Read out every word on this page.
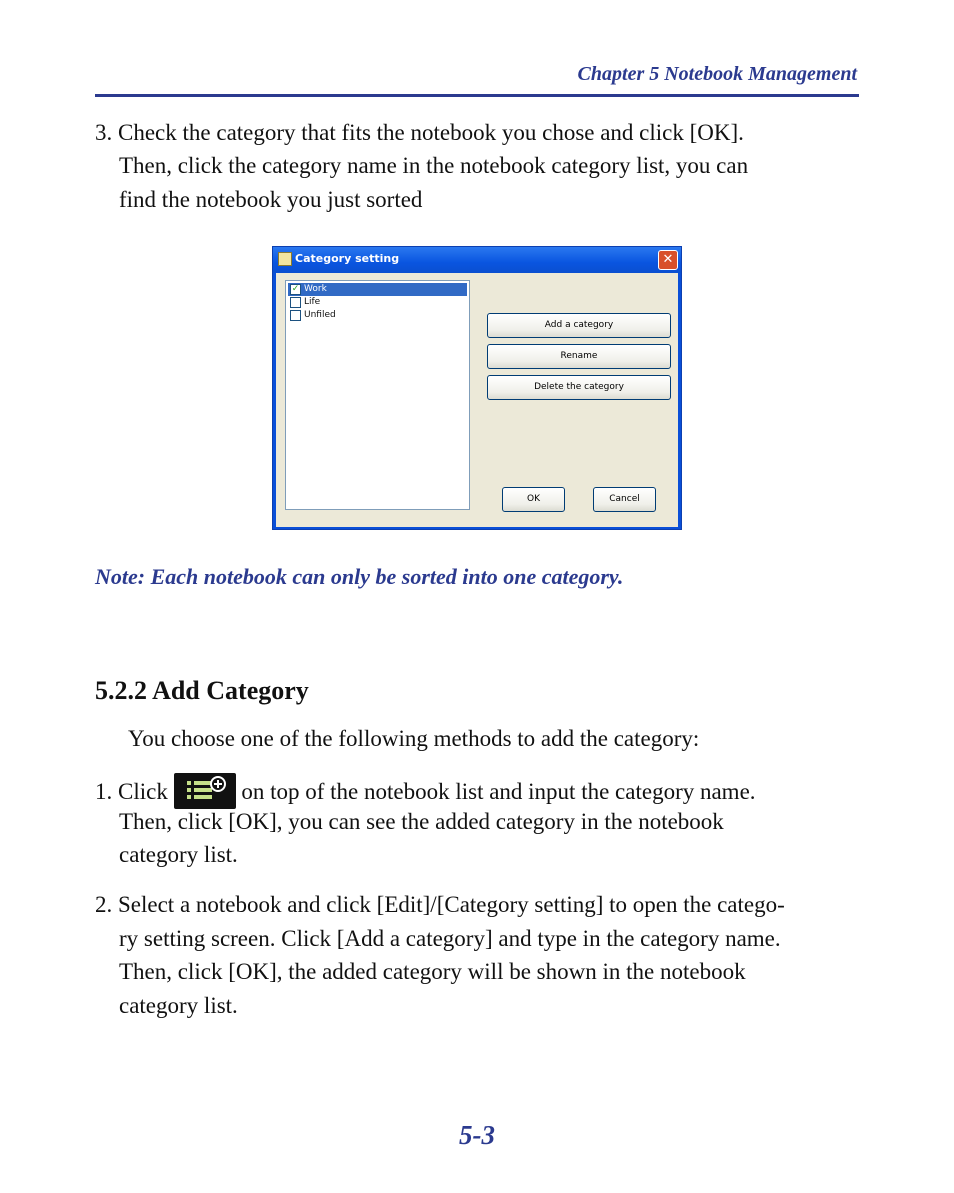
Chapter 5 Notebook Management
3. Check the category that fits the notebook you chose and click [OK].
Then, click the category name in the notebook category list, you can
find the notebook you just sorted
Category setting	✕
✓ Work
Life
Unfiled
Add a category
Rename
Delete the category
OK	Cancel
Note: Each notebook can only be sorted into one category.
5.2.2 Add Category
You choose one of the following methods to add the category:
1. Click	on top of the notebook list and input the category name.
Then, click [OK], you can see the added category in the notebook
category list.
2. Select a notebook and click [Edit]/[Category setting] to open the catego-
ry setting screen. Click [Add a category] and type in the category name.
Then, click [OK], the added category will be shown in the notebook
category list.
5-3
